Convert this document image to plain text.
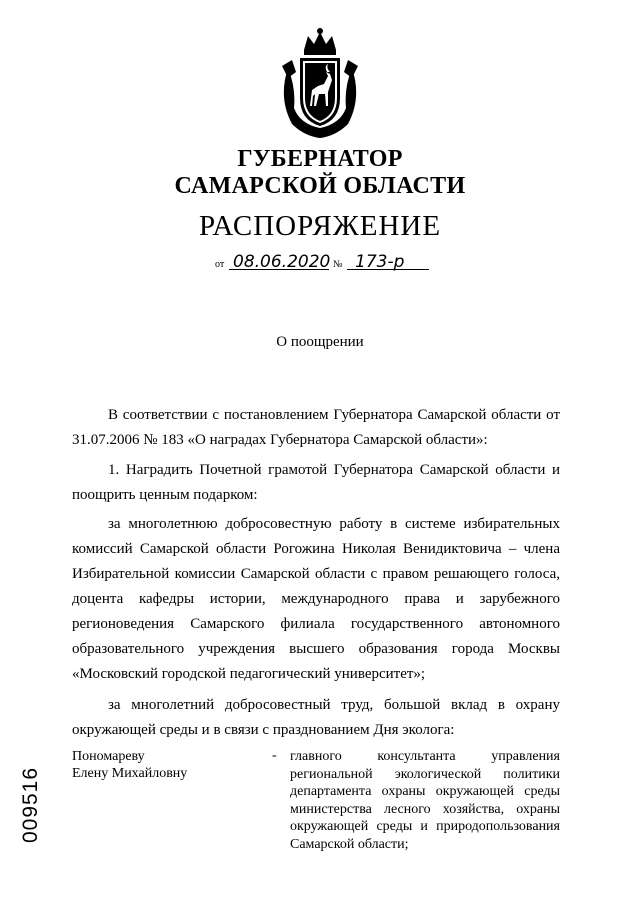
ГУБЕРНАТОР
САМАРСКОЙ ОБЛАСТИ
РАСПОРЯЖЕНИЕ
от 08.06.2020 № 173-р
О поощрении
В соответствии с постановлением Губернатора Самарской области от 31.07.2006 № 183 «О наградах Губернатора Самарской области»:
1. Наградить Почетной грамотой Губернатора Самарской области и поощрить ценным подарком:
за многолетнюю добросовестную работу в системе избирательных комиссий Самарской области Рогожина Николая Венидиктовича – члена Избирательной комиссии Самарской области с правом решающего голоса, доцента кафедры истории, международного права и зарубежного регионоведения Самарского филиала государственного автономного образовательного учреждения высшего образования города Москвы «Московский городской педагогический университет»;
за многолетний добросовестный труд, большой вклад в охрану окружающей среды и в связи с празднованием Дня эколога:
Пономареву
Елену Михайловну
- главного консультанта управления региональной экологической политики департамента охраны окружающей среды министерства лесного хозяйства, охраны окружающей среды и природопользования Самарской области;
009516
